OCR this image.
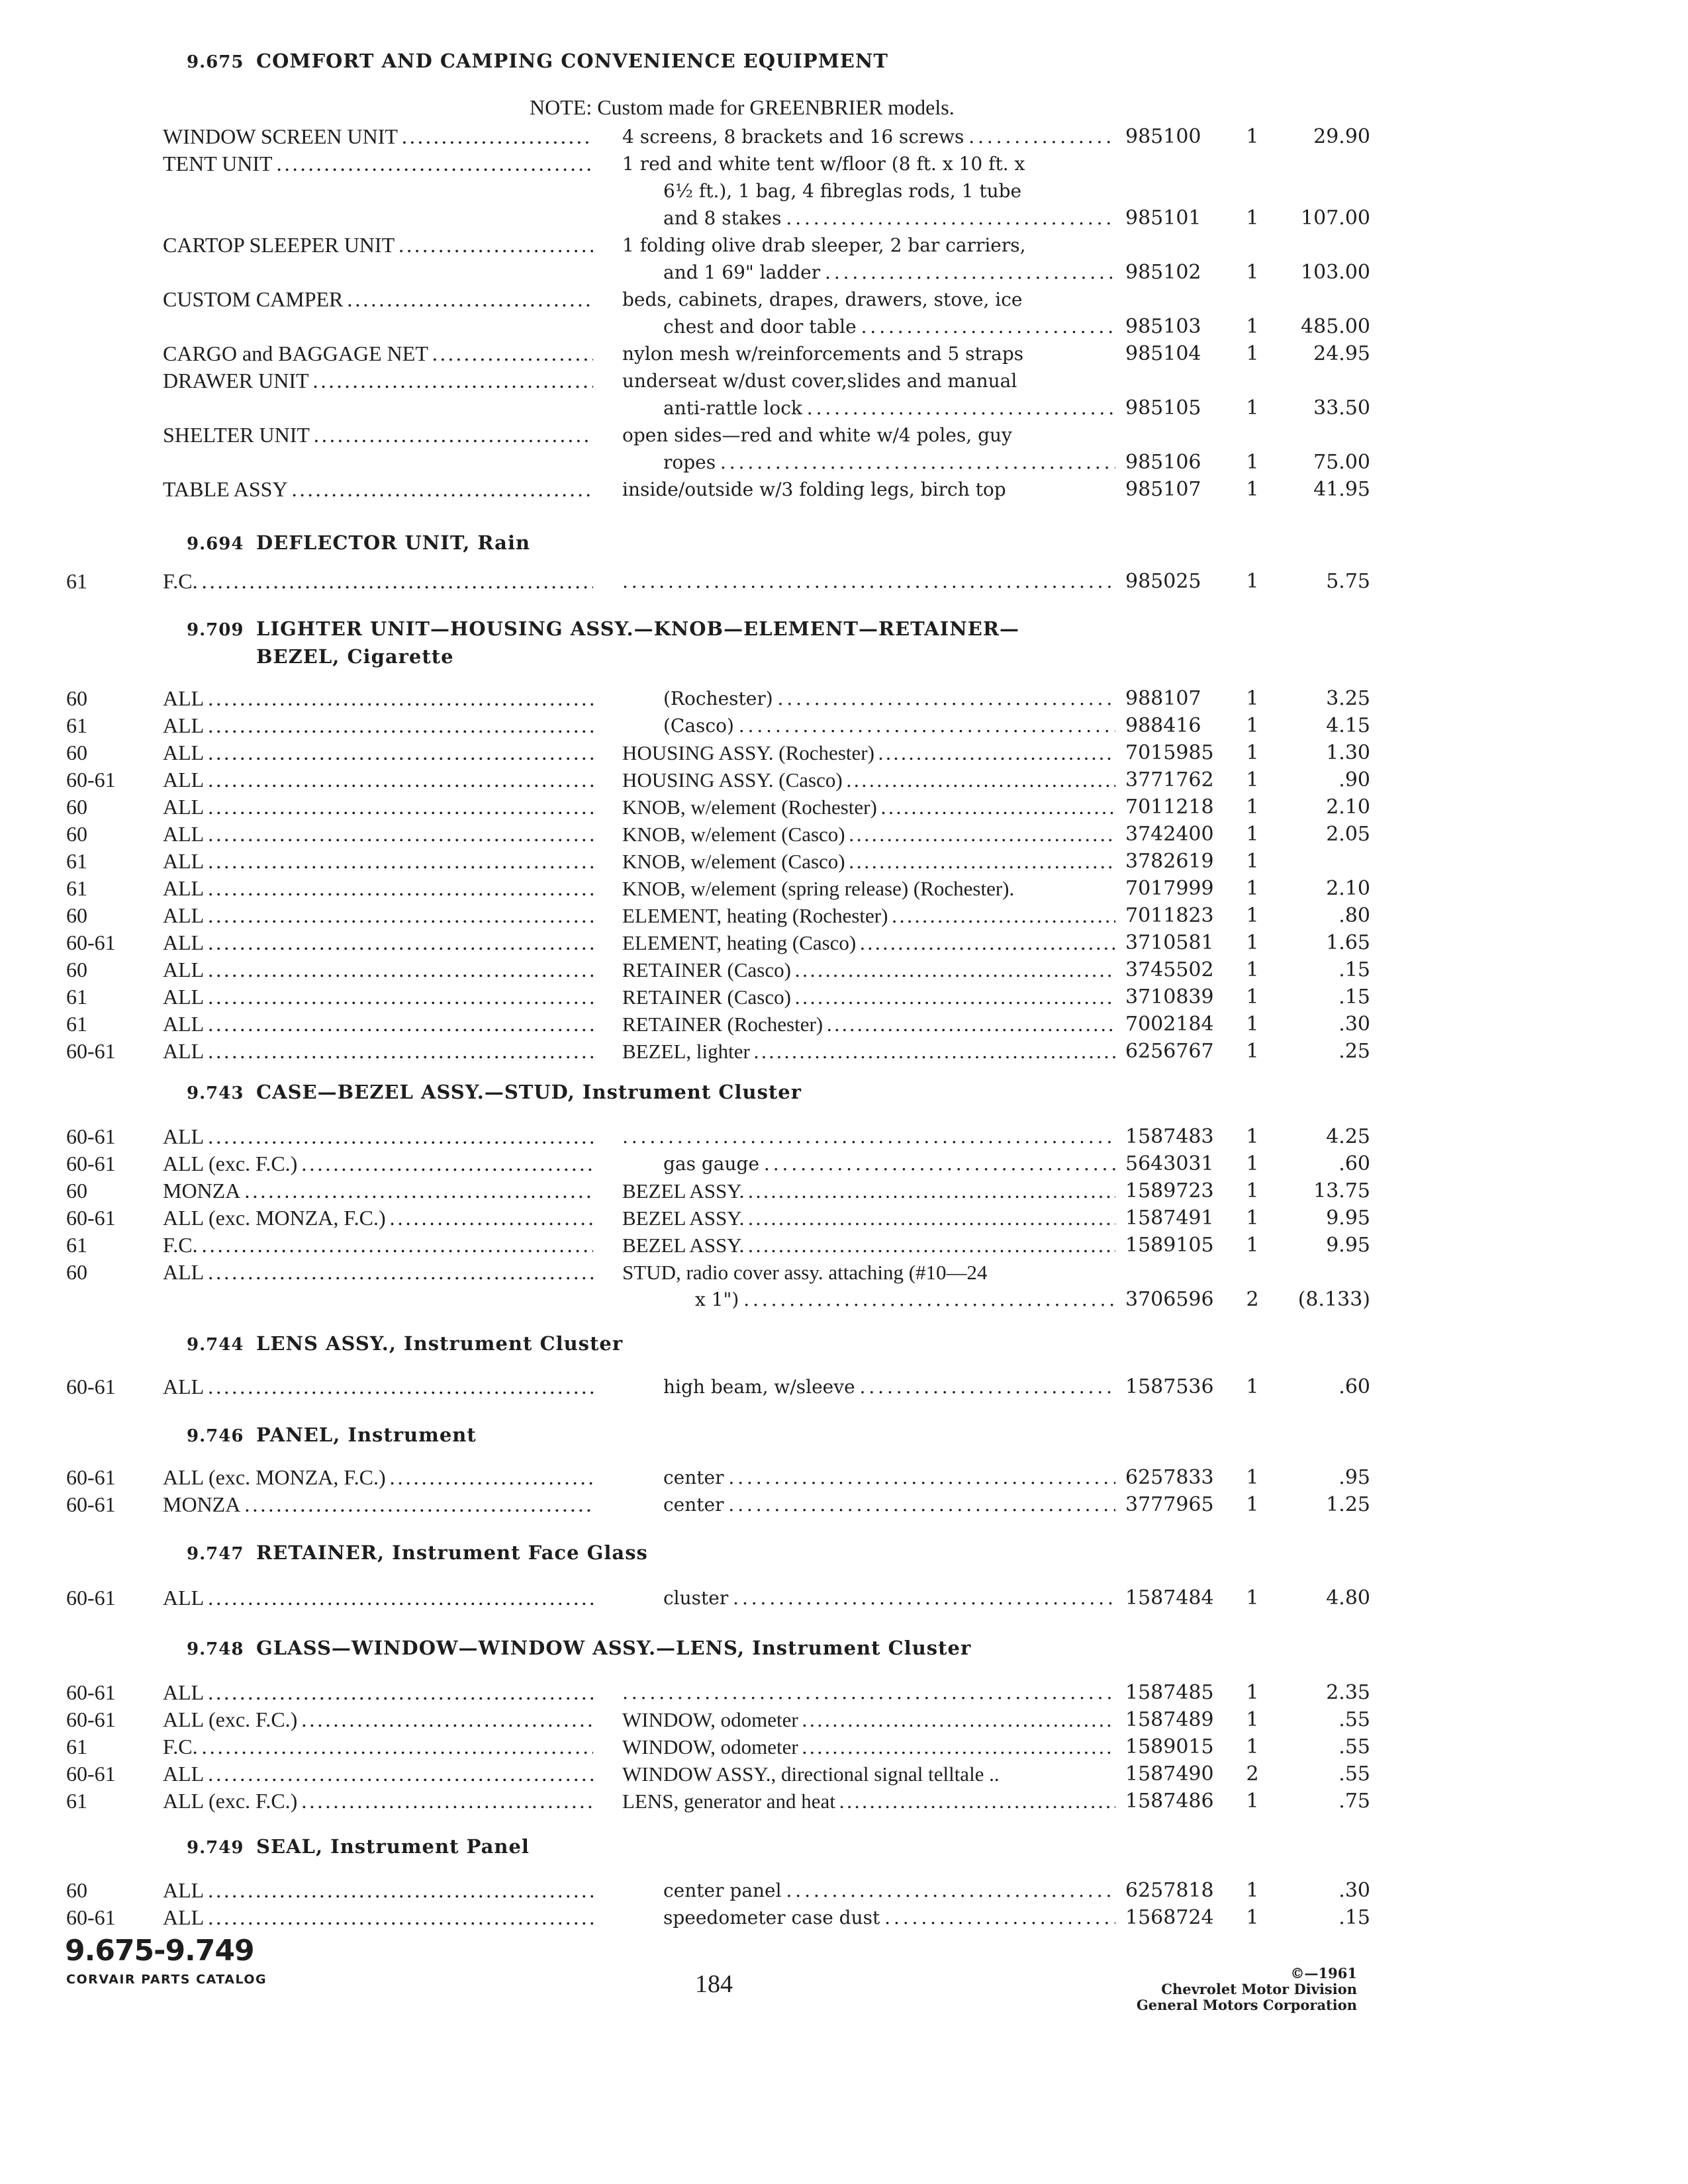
9.675 COMFORT AND CAMPING CONVENIENCE EQUIPMENT
NOTE: Custom made for GREENBRIER models.
WINDOW SCREEN UNIT . . .	4 screens, 8 brackets and 16 screws . . .	985100	1	29.90
TENT UNIT . . .	1 red and white tent w/floor (8 ft. x 10 ft. x
6½ ft.), 1 bag, 4 fibreglas rods, 1 tube
and 8 stakes . . .	985101	1	107.00
CARTOP SLEEPER UNIT . . .	1 folding olive drab sleeper, 2 bar carriers,
and 1 69" ladder . . .	985102	1	103.00
CUSTOM CAMPER . . .	beds, cabinets, drapes, drawers, stove, ice
chest and door table . . .	985103	1	485.00
CARGO and BAGGAGE NET . . .	nylon mesh w/reinforcements and 5 straps	985104	1	24.95
DRAWER UNIT . . .	underseat w/dust cover,slides and manual
anti-rattle lock . . .	985105	1	33.50
SHELTER UNIT . . .	open sides—red and white w/4 poles, guy
ropes . . .	985106	1	75.00
TABLE ASSY . . .	inside/outside w/3 folding legs, birch top	985107	1	41.95
9.694 DEFLECTOR UNIT, Rain
61	F.C. . . . . . .	985025	1	5.75
9.709 LIGHTER UNIT—HOUSING ASSY.—KNOB—ELEMENT—RETAINER—
BEZEL, Cigarette
60	ALL . . .	(Rochester) . . .	988107	1	3.25
61	ALL . . .	(Casco) . . .	988416	1	4.15
60	ALL . . .	HOUSING ASSY. (Rochester) . . .	7015985	1	1.30
60-61 ALL . . .	HOUSING ASSY. (Casco) . . .	3771762	1	.90
60	ALL . . .	KNOB, w/element (Rochester) . . .	7011218	1	2.10
60	ALL . . .	KNOB, w/element (Casco) . . .	3742400	1	2.05
61	ALL . . .	KNOB, w/element (Casco) . . .	3782619	1
61	ALL . . .	KNOB, w/element (spring release) (Rochester).	7017999	1	2.10
60	ALL . . .	ELEMENT, heating (Rochester) . . .	7011823	1	.80
60-61 ALL . . .	ELEMENT, heating (Casco) . . .	3710581	1	1.65
60	ALL . . .	RETAINER (Casco) . . .	3745502	1	.15
61	ALL . . .	RETAINER (Casco) . . .	3710839	1	.15
61	ALL . . .	RETAINER (Rochester) . . .	7002184	1	.30
60-61 ALL . . .	BEZEL, lighter . . .	6256767	1	.25
9.743 CASE—BEZEL ASSY.—STUD, Instrument Cluster
60-61 ALL . . . . . .	1587483	1	4.25
60-61 ALL (exc. F.C.) . . .	gas gauge . . .	5643031	1	.60
60	MONZA . . .	BEZEL ASSY. . . .	1589723	1	13.75
60-61 ALL (exc. MONZA, F.C.) . . .	BEZEL ASSY. . . .	1587491	1	9.95
61	F.C. . . .	BEZEL ASSY. . . .	1589105	1	9.95
60	ALL . . .	STUD, radio cover assy. attaching (#10—24
x 1") . . .	3706596	2	(8.133)
9.744 LENS ASSY., Instrument Cluster
60-61 ALL . . .	high beam, w/sleeve . . .	1587536	1	.60
9.746 PANEL, Instrument
60-61 ALL (exc. MONZA, F.C.) . . .	center . . .	6257833	1	.95
60-61 MONZA . . .	center . . .	3777965	1	1.25
9.747 RETAINER, Instrument Face Glass
60-61 ALL . . .	cluster . . .	1587484	1	4.80
9.748 GLASS—WINDOW—WINDOW ASSY.—LENS, Instrument Cluster
60-61 ALL . . . . . .	1587485	1	2.35
60-61 ALL (exc. F.C.) . . .	WINDOW, odometer . . .	1587489	1	.55
61	F.C. . . .	WINDOW, odometer . . .	1589015	1	.55
60-61 ALL . . .	WINDOW ASSY., directional signal telltale ..	1587490	2	.55
61	ALL (exc. F.C.) . . .	LENS, generator and heat . . .	1587486	1	.75
9.749 SEAL, Instrument Panel
60	ALL . . .	center panel . . .	6257818	1	.30
60-61 ALL . . .	speedometer case dust . . .	1568724	1	.15
9.675-9.749
CORVAIR PARTS CATALOG	184	©—1961
Chevrolet Motor Division
General Motors Corporation
